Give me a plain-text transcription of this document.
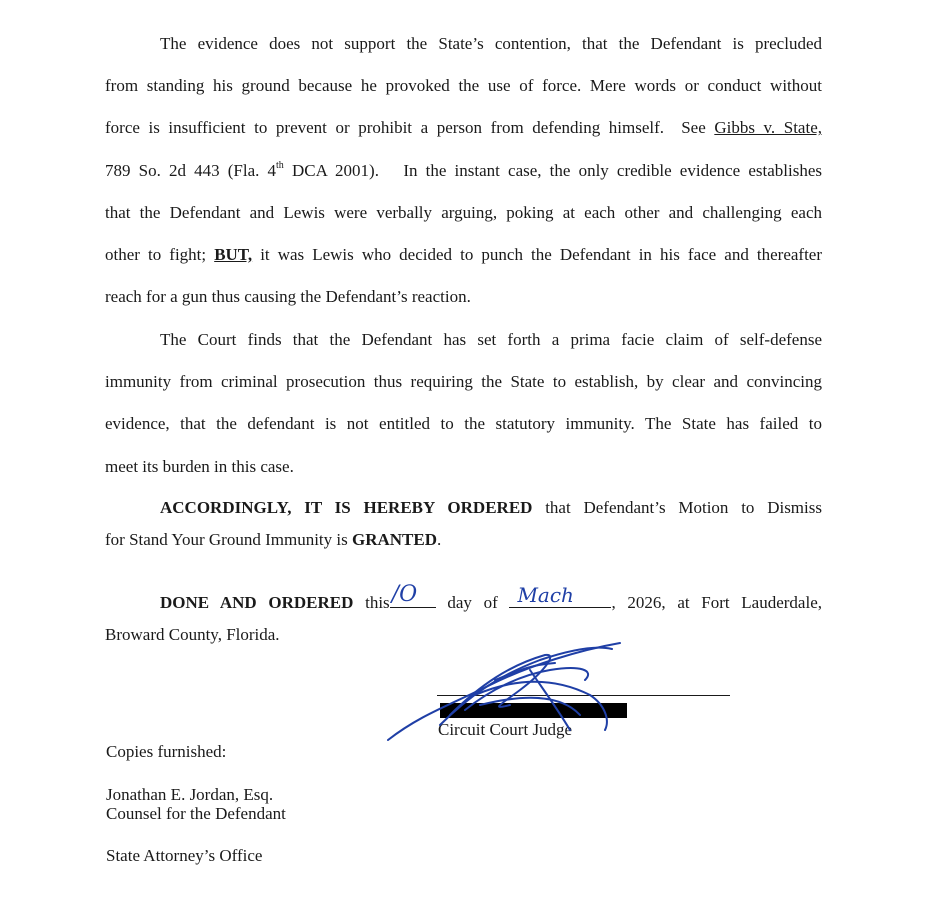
The evidence does not support the State’s contention, that the Defendant is precluded
from standing his ground because he provoked the use of force. Mere words or conduct without
force is insufficient to prevent or prohibit a person from defending himself.  See Gibbs v. State,
789 So. 2d 443 (Fla. 4th DCA 2001).   In the instant case, the only credible evidence establishes
that the Defendant and Lewis were verbally arguing, poking at each other and challenging each
other to fight; BUT, it was Lewis who decided to punch the Defendant in his face and thereafter
reach for a gun thus causing the Defendant’s reaction.
The Court finds that the Defendant has set forth a prima facie claim of self-defense
immunity from criminal prosecution thus requiring the State to establish, by clear and convincing
evidence, that the defendant is not entitled to the statutory immunity. The State has failed to
meet its burden in this case.
ACCORDINGLY, IT IS HEREBY ORDERED that Defendant’s Motion to Dismiss
for Stand Your Ground Immunity is GRANTED.
DONE AND ORDERED this /O day of Mach , 2026, at Fort Lauderdale,
Broward County, Florida.
Circuit Court Judge
Copies furnished:
Jonathan E. Jordan, Esq.
Counsel for the Defendant
State Attorney’s Office
